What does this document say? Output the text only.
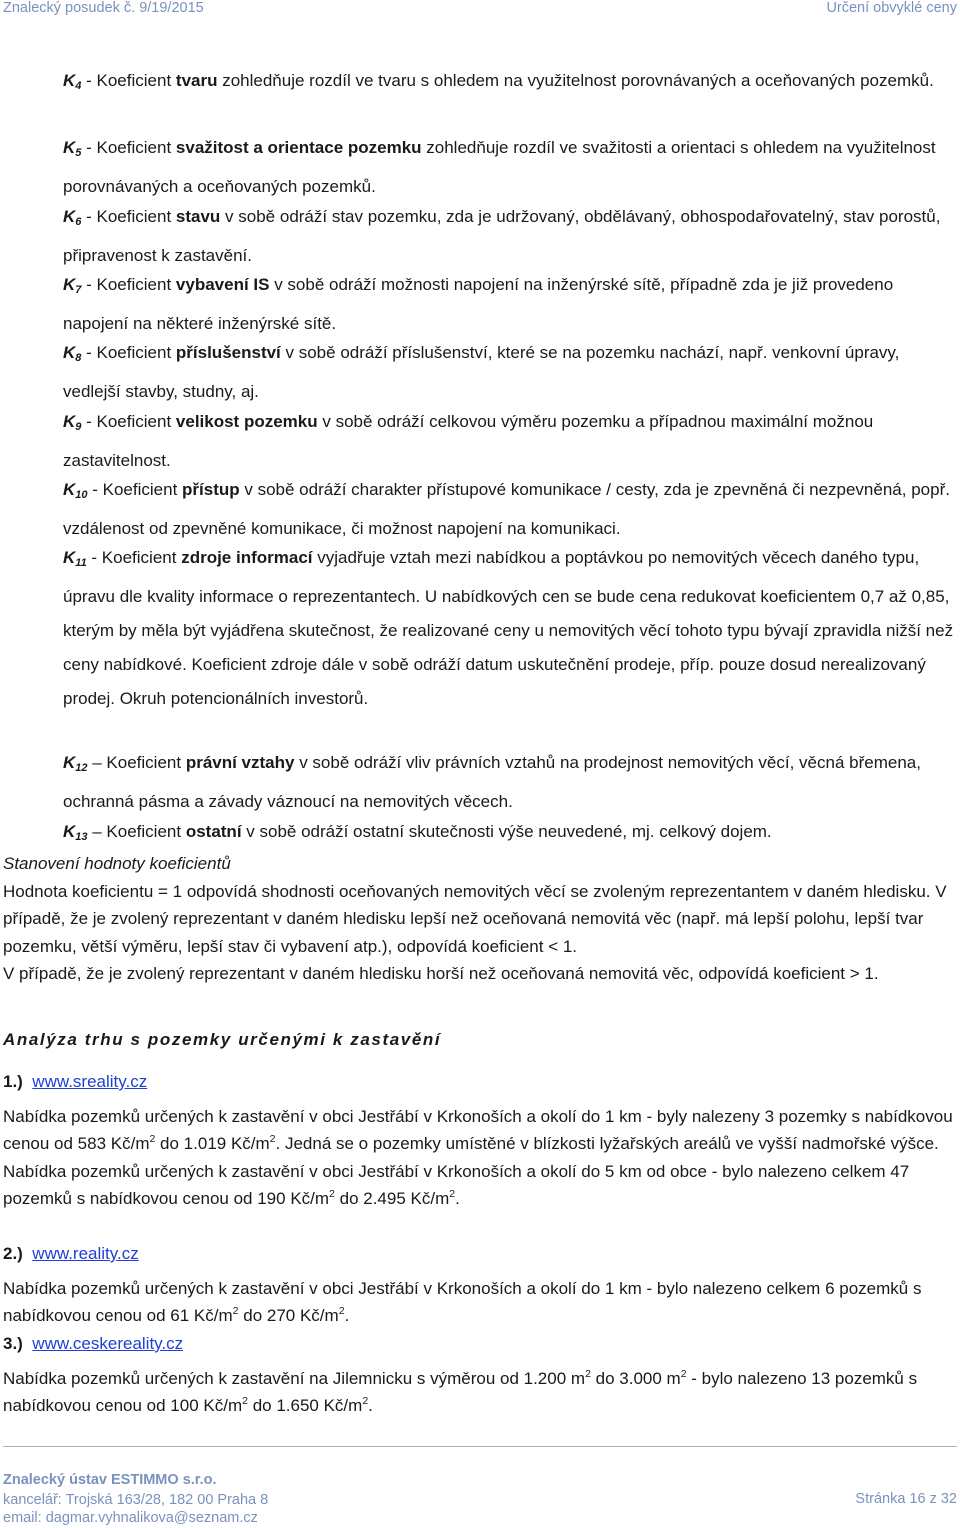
Znalecký posudek č. 9/19/2015	Určení obvyklé ceny

$K_4$ - Koeficient tvaru zohledňuje rozdíl ve tvaru s ohledem na využitelnost porovnávaných a oceňovaných pozemků.

$K_5$ - Koeficient svažitost a orientace pozemku zohledňuje rozdíl ve svažitosti a orientaci s ohledem na využitelnost porovnávaných a oceňovaných pozemků.

$K_6$ - Koeficient stavu v sobě odráží stav pozemku, zda je udržovaný, obdělávaný, obhospodařovatelný, stav porostů, připravenost k zastavění.

$K_7$ - Koeficient vybavení IS v sobě odráží možnosti napojení na inženýrské sítě, případně zda je již provedeno napojení na některé inženýrské sítě.

$K_8$ - Koeficient příslušenství v sobě odráží příslušenství, které se na pozemku nachází, např. venkovní úpravy, vedlejší stavby, studny, aj.

$K_9$ - Koeficient velikost pozemku v sobě odráží celkovou výměru pozemku a případnou maximální možnou zastavitelnost.

$K_{10}$ - Koeficient přístup v sobě odráží charakter přístupové komunikace / cesty, zda je zpevněná či nezpevněná, popř. vzdálenost od zpevněné komunikace, či možnost napojení na komunikaci.

$K_{11}$ - Koeficient zdroje informací vyjadřuje vztah mezi nabídkou a poptávkou po nemovitých věcech daného typu, úpravu dle kvality informace o reprezentantech. U nabídkových cen se bude cena redukovat koeficientem 0,7 až 0,85, kterým by měla být vyjádřena skutečnost, že realizované ceny u nemovitých věcí tohoto typu bývají zpravidla nižší než ceny nabídkové. Koeficient zdroje dále v sobě odráží datum uskutečnění prodeje, příp. pouze dosud nerealizovaný prodej. Okruh potencionálních investorů.

$K_{12}$ – Koeficient právní vztahy v sobě odráží vliv právních vztahů na prodejnost nemovitých věcí, věcná břemena, ochranná pásma a závady váznoucí na nemovitých věcech.

$K_{13}$ – Koeficient ostatní v sobě odráží ostatní skutečnosti výše neuvedené, mj. celkový dojem.

Stanovení hodnoty koeficientů
Hodnota koeficientu = 1 odpovídá shodnosti oceňovaných nemovitých věcí se zvoleným reprezentantem v daném hledisku. V případě, že je zvolený reprezentant v daném hledisku lepší než oceňovaná nemovitá věc (např. má lepší polohu, lepší tvar pozemku, větší výměru, lepší stav či vybavení atp.), odpovídá koeficient < 1.
V případě, že je zvolený reprezentant v daném hledisku horší než oceňovaná nemovitá věc, odpovídá koeficient > 1.
Analýza trhu s pozemky určenými k zastavění
1.) www.sreality.cz
Nabídka pozemků určených k zastavění v obci Jestřábí v Krkonoších a okolí do 1 km - byly nalezeny 3 pozemky s nabídkovou cenou od 583 $Kč/m^2$ do 1.019 $Kč/m^2$. Jedná se o pozemky umístěné v blízkosti lyžařských areálů ve vyšší nadmořské výšce. Nabídka pozemků určených k zastavění v obci Jestřábí v Krkonoších a okolí do 5 km od obce - bylo nalezeno celkem 47 pozemků s nabídkovou cenou od 190 $Kč/m^2$ do 2.495 $Kč/m^2$.
2.) www.reality.cz
Nabídka pozemků určených k zastavění v obci Jestřábí v Krkonoších a okolí do 1 km - bylo nalezeno celkem 6 pozemků s nabídkovou cenou od 61 $Kč/m^2$ do 270 $Kč/m^2$.
3.) www.ceskereality.cz
Nabídka pozemků určených k zastavění na Jilemnicku s výměrou od 1.200 $m^2$ do 3.000 $m^2$ - bylo nalezeno 13 pozemků s nabídkovou cenou od 100 $Kč/m^2$ do 1.650 $Kč/m^2$.
Znalecký ústav ESTIMMO s.r.o.
kancelář: Trojská 163/28, 182 00 Praha 8
email: dagmar.vyhnalikova@seznam.cz
Stránka 16 z 32
